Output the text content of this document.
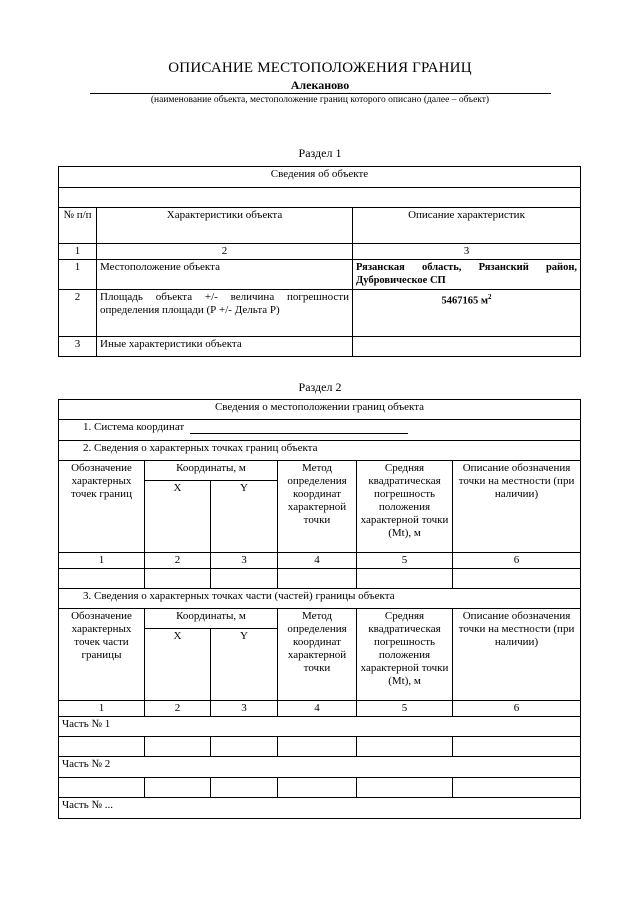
ОПИСАНИЕ МЕСТОПОЛОЖЕНИЯ ГРАНИЦ
Алеканово
(наименование объекта, местоположение границ которого описано (далее – объект)
Раздел 1
Сведения об объекте		

№ п/п	Характеристики объекта	Описание характеристик
1	2	3
1	Местоположение объекта	Рязанская область, Рязанский район, Дубровическое СП
2	Площадь объекта +/- величина погрешности определения площади (Р +/- Дельта Р)	5467165 $м^2$
3	Иные характеристики объекта	
Раздел 2
Сведения о местоположении границ объекта					
1. Система координат					
2. Сведения о характерных точках границ объекта					
Обозначение характерных точек границ	Координаты, м		Метод определения координат характерной точки	Средняя квадратическая погрешность положения характерной точки (Мt), м	Описание обозначения точки на местности (при наличии)
	X	Y			
1	2	3	4	5	6

3. Сведения о характерных точках части (частей) границы объекта					
Обозначение характерных точек части границы	Координаты, м		Метод определения координат характерной точки	Средняя квадратическая погрешность положения характерной точки (Мt), м	Описание обозначения точки на местности (при наличии)
	X	Y			
1	2	3	4	5	6
Часть № 1					

Часть № 2					

Часть № ...					
